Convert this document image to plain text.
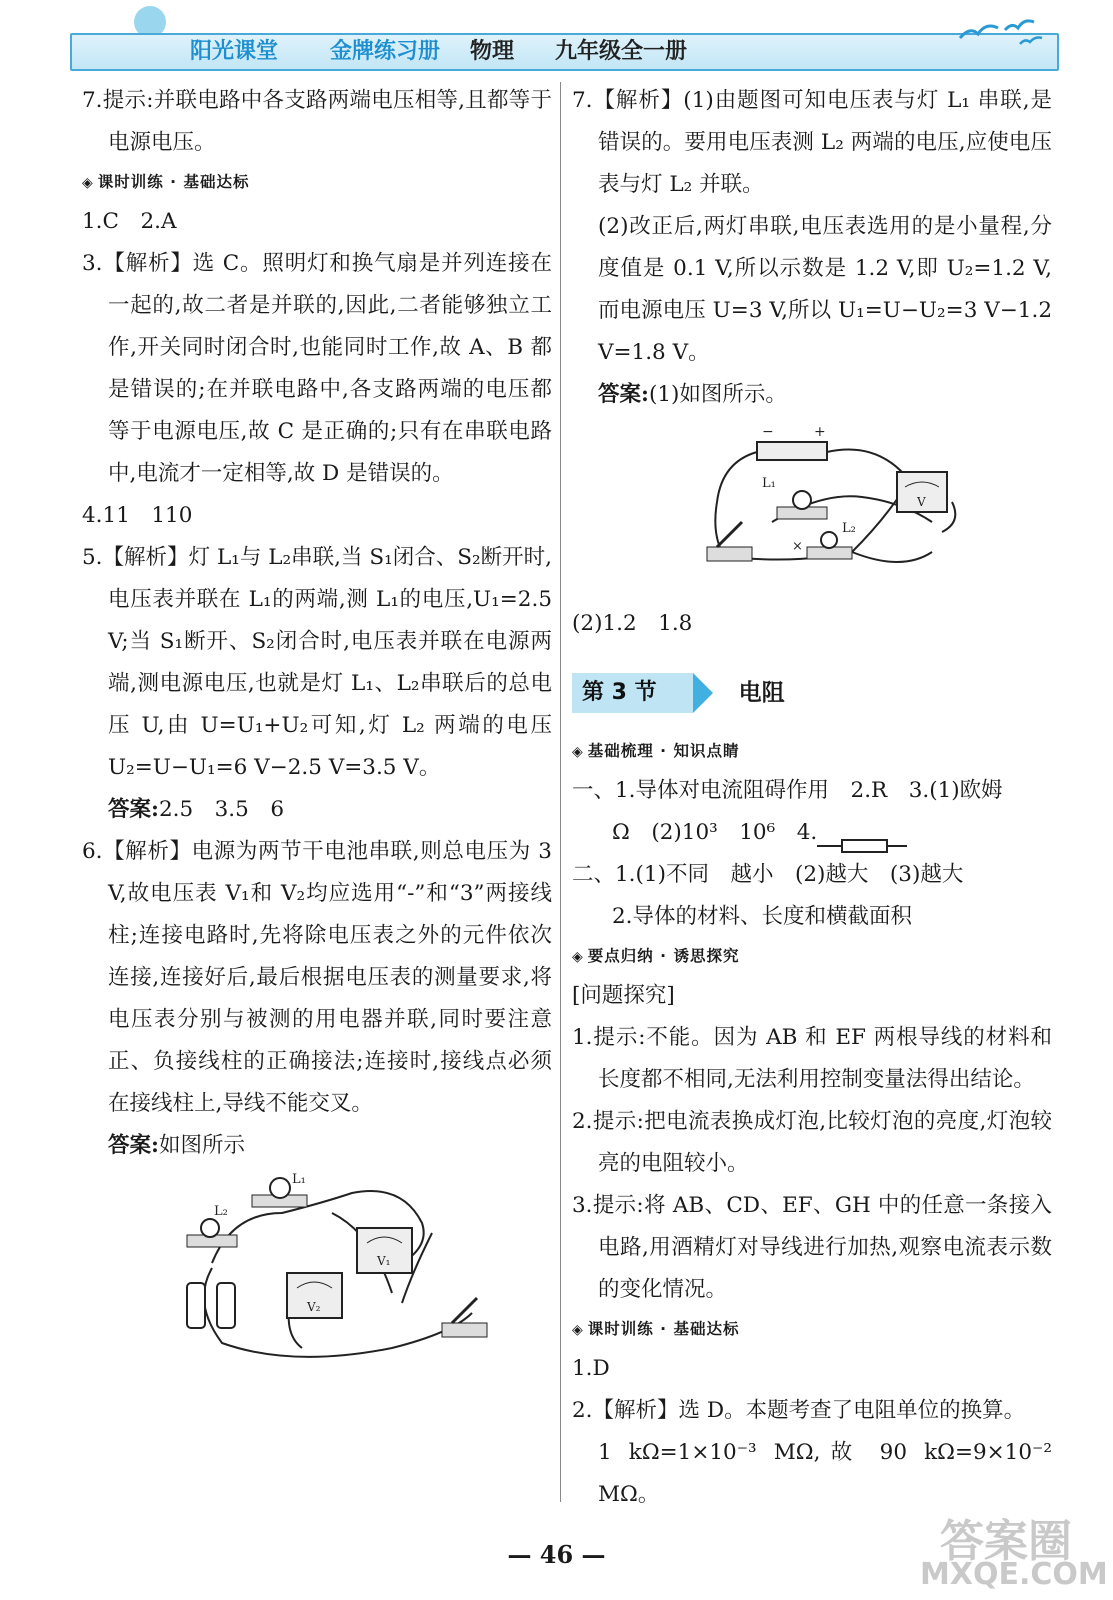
阳光课堂 金牌练习册 物理 九年级全一册

7.提示:并联电路中各支路两端电压相等,且都等于电源电压。

◈ 课时训练 · 基础达标

1.C　2.A

3.【解析】选 C。照明灯和换气扇是并列连接在一起的,故二者是并联的,因此,二者能够独立工作,开关同时闭合时,也能同时工作,故 A、B 都是错误的;在并联电路中,各支路两端的电压都等于电源电压,故 C 是正确的;只有在串联电路中,电流才一定相等,故 D 是错误的。

4.11　110

5.【解析】灯 L₁与 L₂串联,当 S₁闭合、S₂断开时,电压表并联在 L₁的两端,测 L₁的电压,U₁=2.5 V;当 S₁断开、S₂闭合时,电压表并联在电源两端,测电源电压,也就是灯 L₁、L₂串联后的总电压 U,由 U=U₁+U₂可知,灯 L₂ 两端的电压 U₂=U−U₁=6 V−2.5 V=3.5 V。

答案:2.5　3.5　6

6.【解析】电源为两节干电池串联,则总电压为 3 V,故电压表 V₁和 V₂均应选用“-”和“3”两接线柱;连接电路时,先将除电压表之外的元件依次连接,连接好后,最后根据电压表的测量要求,将电压表分别与被测的用电器并联,同时要注意正、负接线柱的正确接法;连接时,接线点必须在接线柱上,导线不能交叉。

答案:如图所示

L₁
L₂
V₁
V₂

7.【解析】(1)由题图可知电压表与灯 L₁ 串联,是错误的。要用电压表测 L₂ 两端的电压,应使电压表与灯 L₂ 并联。

(2)改正后,两灯串联,电压表选用的是小量程,分度值是 0.1 V,所以示数是 1.2 V,即 U₂=1.2 V,而电源电压 U=3 V,所以 U₁=U−U₂=3 V−1.2 V=1.8 V。

答案:(1)如图所示。

−	+
V
L₁
L₂
×

(2)1.2　1.8

第 3 节	电阻
◈ 基础梳理 · 知识点睛

一、1.导体对电流阻碍作用　2.R　3.(1)欧姆

Ω　(2)10³　10⁶　4.

二、1.(1)不同　越小　(2)越大　(3)越大

2.导体的材料、长度和横截面积

◈ 要点归纳 · 诱思探究

[问题探究]

1.提示:不能。因为 AB 和 EF 两根导线的材料和长度都不相同,无法利用控制变量法得出结论。

2.提示:把电流表换成灯泡,比较灯泡的亮度,灯泡较亮的电阻较小。

3.提示:将 AB、CD、EF、GH 中的任意一条接入电路,用酒精灯对导线进行加热,观察电流表示数的变化情况。

◈ 课时训练 · 基础达标

1.D

2.【解析】选 D。本题考查了电阻单位的换算。

1 kΩ=1×10⁻³ MΩ,故 90 kΩ=9×10⁻² MΩ。

— 46 —	答案圈
MXQE.COM
